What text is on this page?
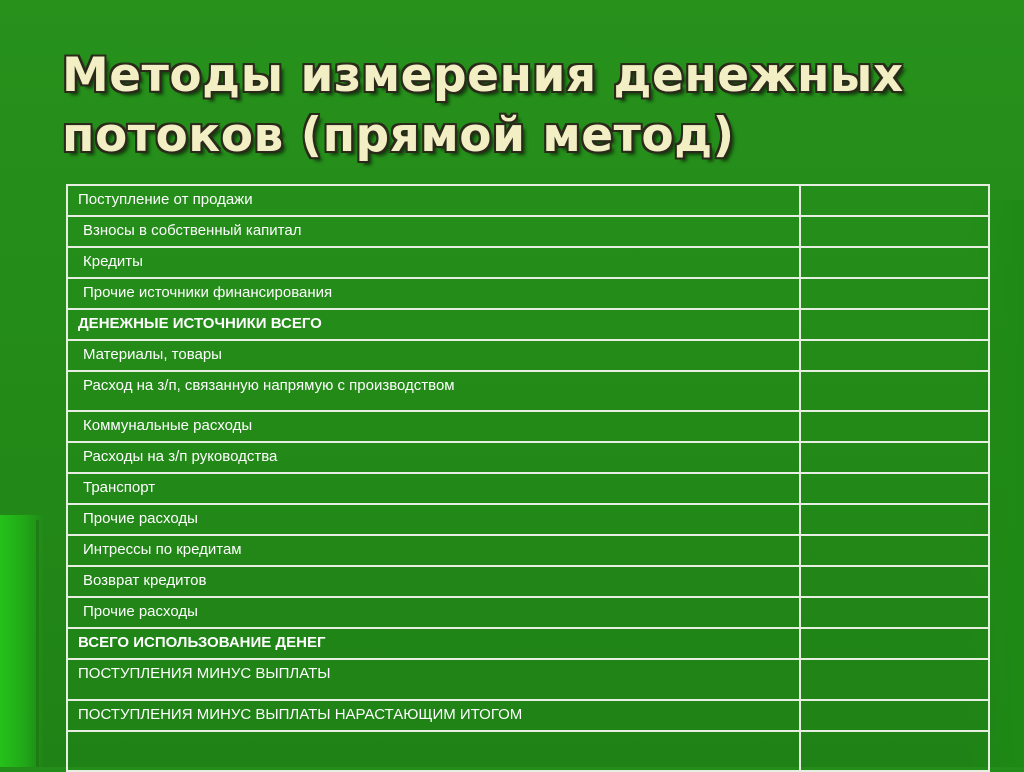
Методы измерения денежных
потоков (прямой метод)
Поступление от продажи	
Взносы в собственный капитал	
Кредиты	
Прочие источники финансирования	
ДЕНЕЖНЫЕ ИСТОЧНИКИ ВСЕГО	
Материалы, товары	
Расход на з/п, связанную напрямую с производством	
Коммунальные расходы	
Расходы на з/п руководства	
Транспорт	
Прочие расходы	
Интрессы по кредитам	
Возврат кредитов	
Прочие расходы	
ВСЕГО ИСПОЛЬЗОВАНИЕ ДЕНЕГ	
ПОСТУПЛЕНИЯ МИНУС ВЫПЛАТЫ	
ПОСТУПЛЕНИЯ МИНУС ВЫПЛАТЫ НАРАСТАЮЩИМ ИТОГОМ	
